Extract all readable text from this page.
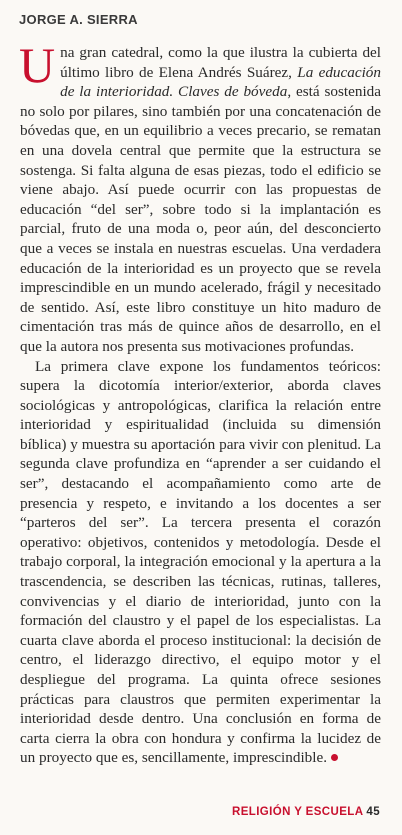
JORGE A. SIERRA

U na gran catedral, como la que ilustra la cubierta del último libro de Elena Andrés Suárez, La educación de la interioridad. Claves de bóveda, está sostenida no solo por pilares, sino también por una concatenación de bóvedas que, en un equilibrio a veces precario, se rematan en una dovela central que permite que la estructura se sostenga. Si falta alguna de esas piezas, todo el edificio se viene abajo. Así puede ocurrir con las propuestas de educación “del ser”, sobre todo si la implantación es parcial, fruto de una moda o, peor aún, del desconcierto que a veces se instala en nuestras escuelas. Una verdadera educación de la interioridad es un proyecto que se revela imprescindible en un mundo acelerado, frágil y necesitado de sentido. Así, este libro constituye un hito maduro de cimentación tras más de quince años de desarrollo, en el que la autora nos presenta sus motivaciones profundas.

La primera clave expone los fundamentos teóricos: supera la dicotomía interior/exterior, aborda claves sociológicas y antropológicas, clarifica la relación entre interioridad y espiritualidad (incluida su dimensión bíblica) y muestra su aportación para vivir con plenitud. La segunda clave profundiza en “aprender a ser cuidando el ser”, destacando el acompañamiento como arte de presencia y respeto, e invitando a los docentes a ser “parteros del ser”. La tercera presenta el corazón operativo: objetivos, contenidos y metodología. Desde el trabajo corporal, la integración emocional y la apertura a la trascendencia, se describen las técnicas, rutinas, talleres, convivencias y el diario de interioridad, junto con la formación del claustro y el papel de los especialistas. La cuarta clave aborda el proceso institucional: la decisión de centro, el liderazgo directivo, el equipo motor y el despliegue del programa. La quinta ofrece sesiones prácticas para claustros que permiten experimentar la interioridad desde dentro. Una conclusión en forma de carta cierra la obra con hondura y confirma la lucidez de un proyecto que es, sencillamente, imprescindible.

RELIGIÓN Y ESCUELA 45
